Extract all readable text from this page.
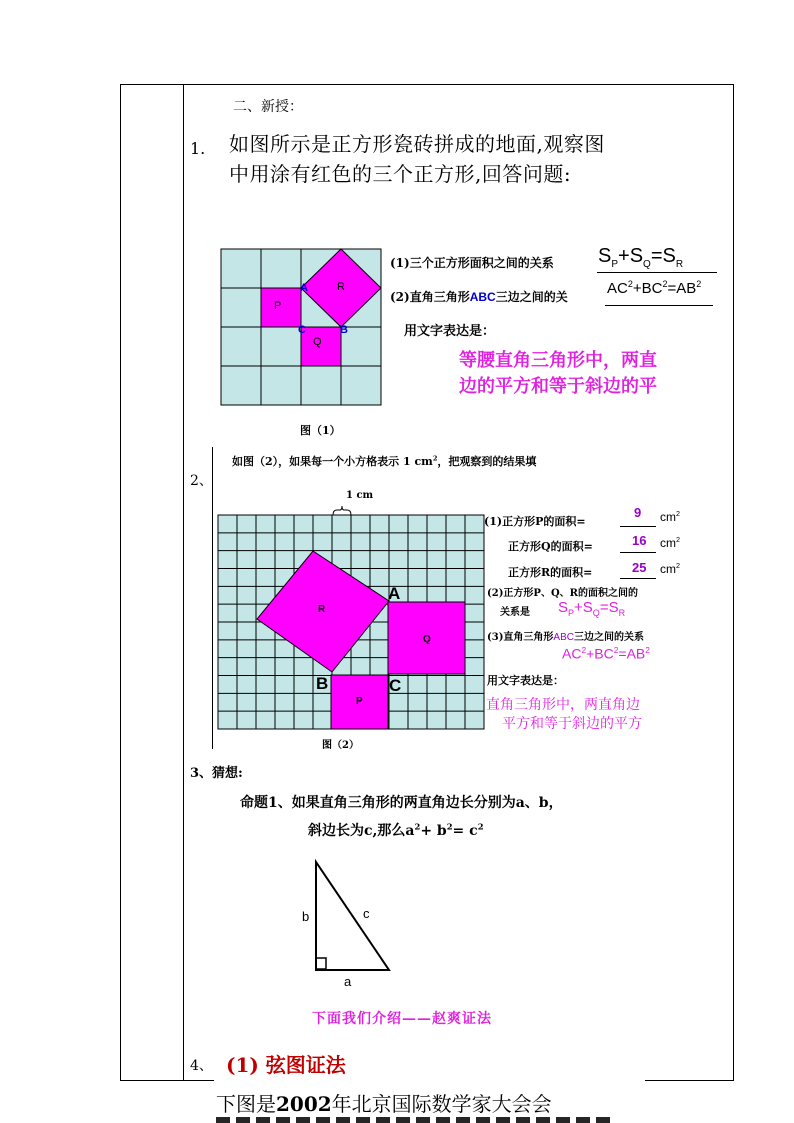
二、新授：
1. 如图所示是正方形瓷砖拼成的地面,观察图
中用涂有红色的三个正方形,回答问题:
P
Q
R
A
B
C
图（1）
(1)三个正方形面积之间的关系 $S_P+S_Q=S_R$
(2)直角三角形ABC三边之间的关	$AC^2+BC^2=AB^2$
用文字表达是：
等腰直角三角形中，两直
边的平方和等于斜边的平
2、
如图（2），如果每一个小方格表示 1 $cm^2$，把观察到的结果填
1 cm
R
Q
P
A
B	C
图（2）
(1)正方形P的面积=
9 $cm^2$
正方形Q的面积=	16 $cm^2$
正方形R的面积=	25 $cm^2$
(2)正方形P、Q、R的面积之间的
关系是 $S_P+S_Q=S_R$
(3)直角三角形ABC三边之间的关系
$AC^2+BC^2=AB^2$
用文字表达是：
直角三角形中，两直角边
平方和等于斜边的平方
3、猜想:
命题1、如果直角三角形的两直角边长分别为a、b，
斜边长为c,那么$a^2+ b^2= c^2$
b	c
a
下面我们介绍——赵爽证法
4、 (1) 弦图证法
下图是2002年北京国际数学家大会会
